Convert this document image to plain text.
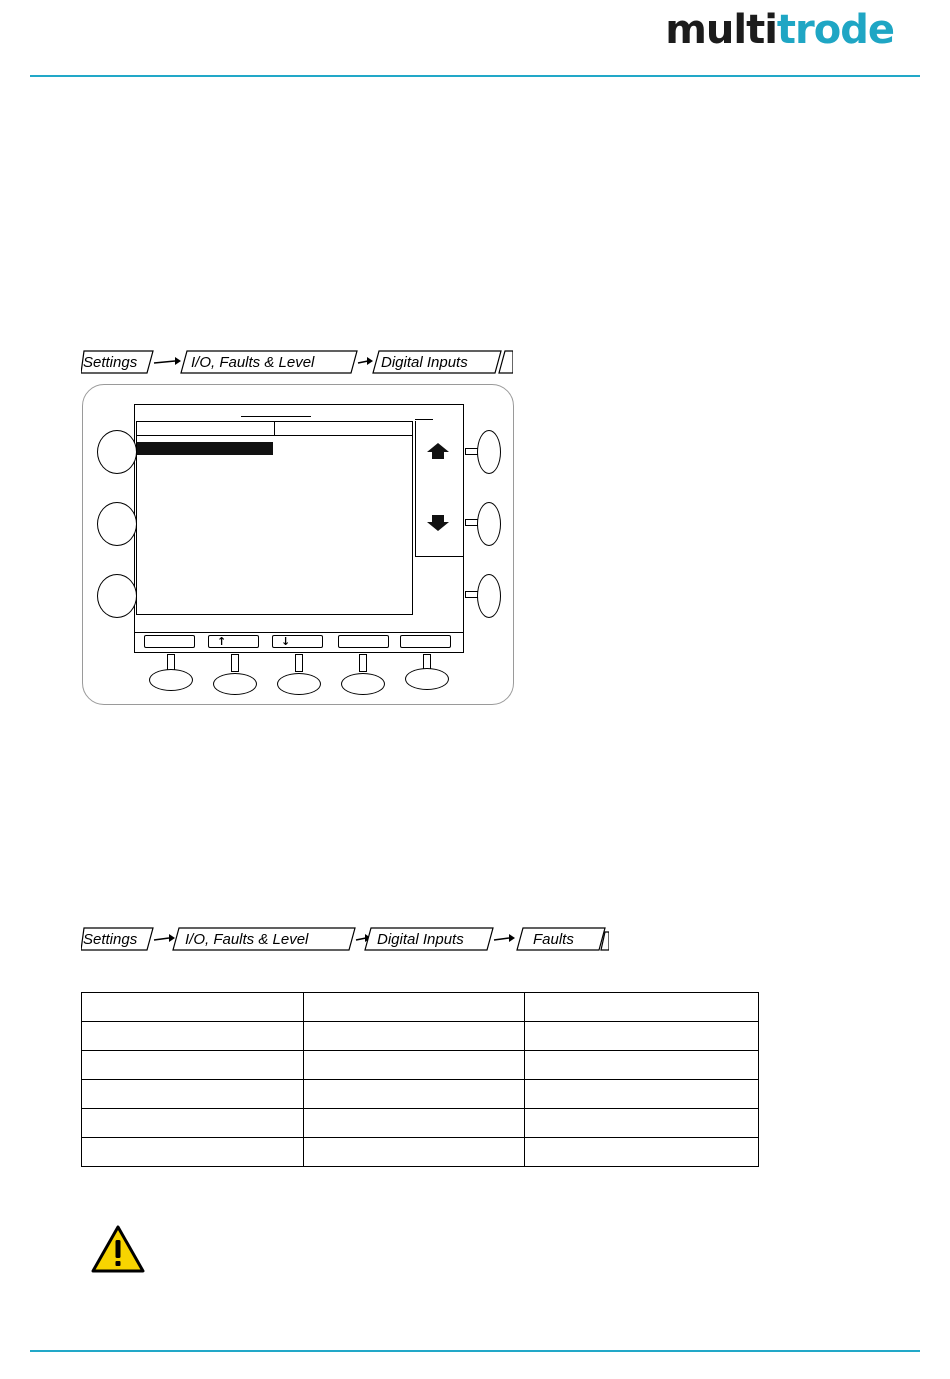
multitrode
Settings	I/O, Faults & Level	Digital Inputs
↑	↓
Settings	I/O, Faults & Level	Digital Inputs	Faults
